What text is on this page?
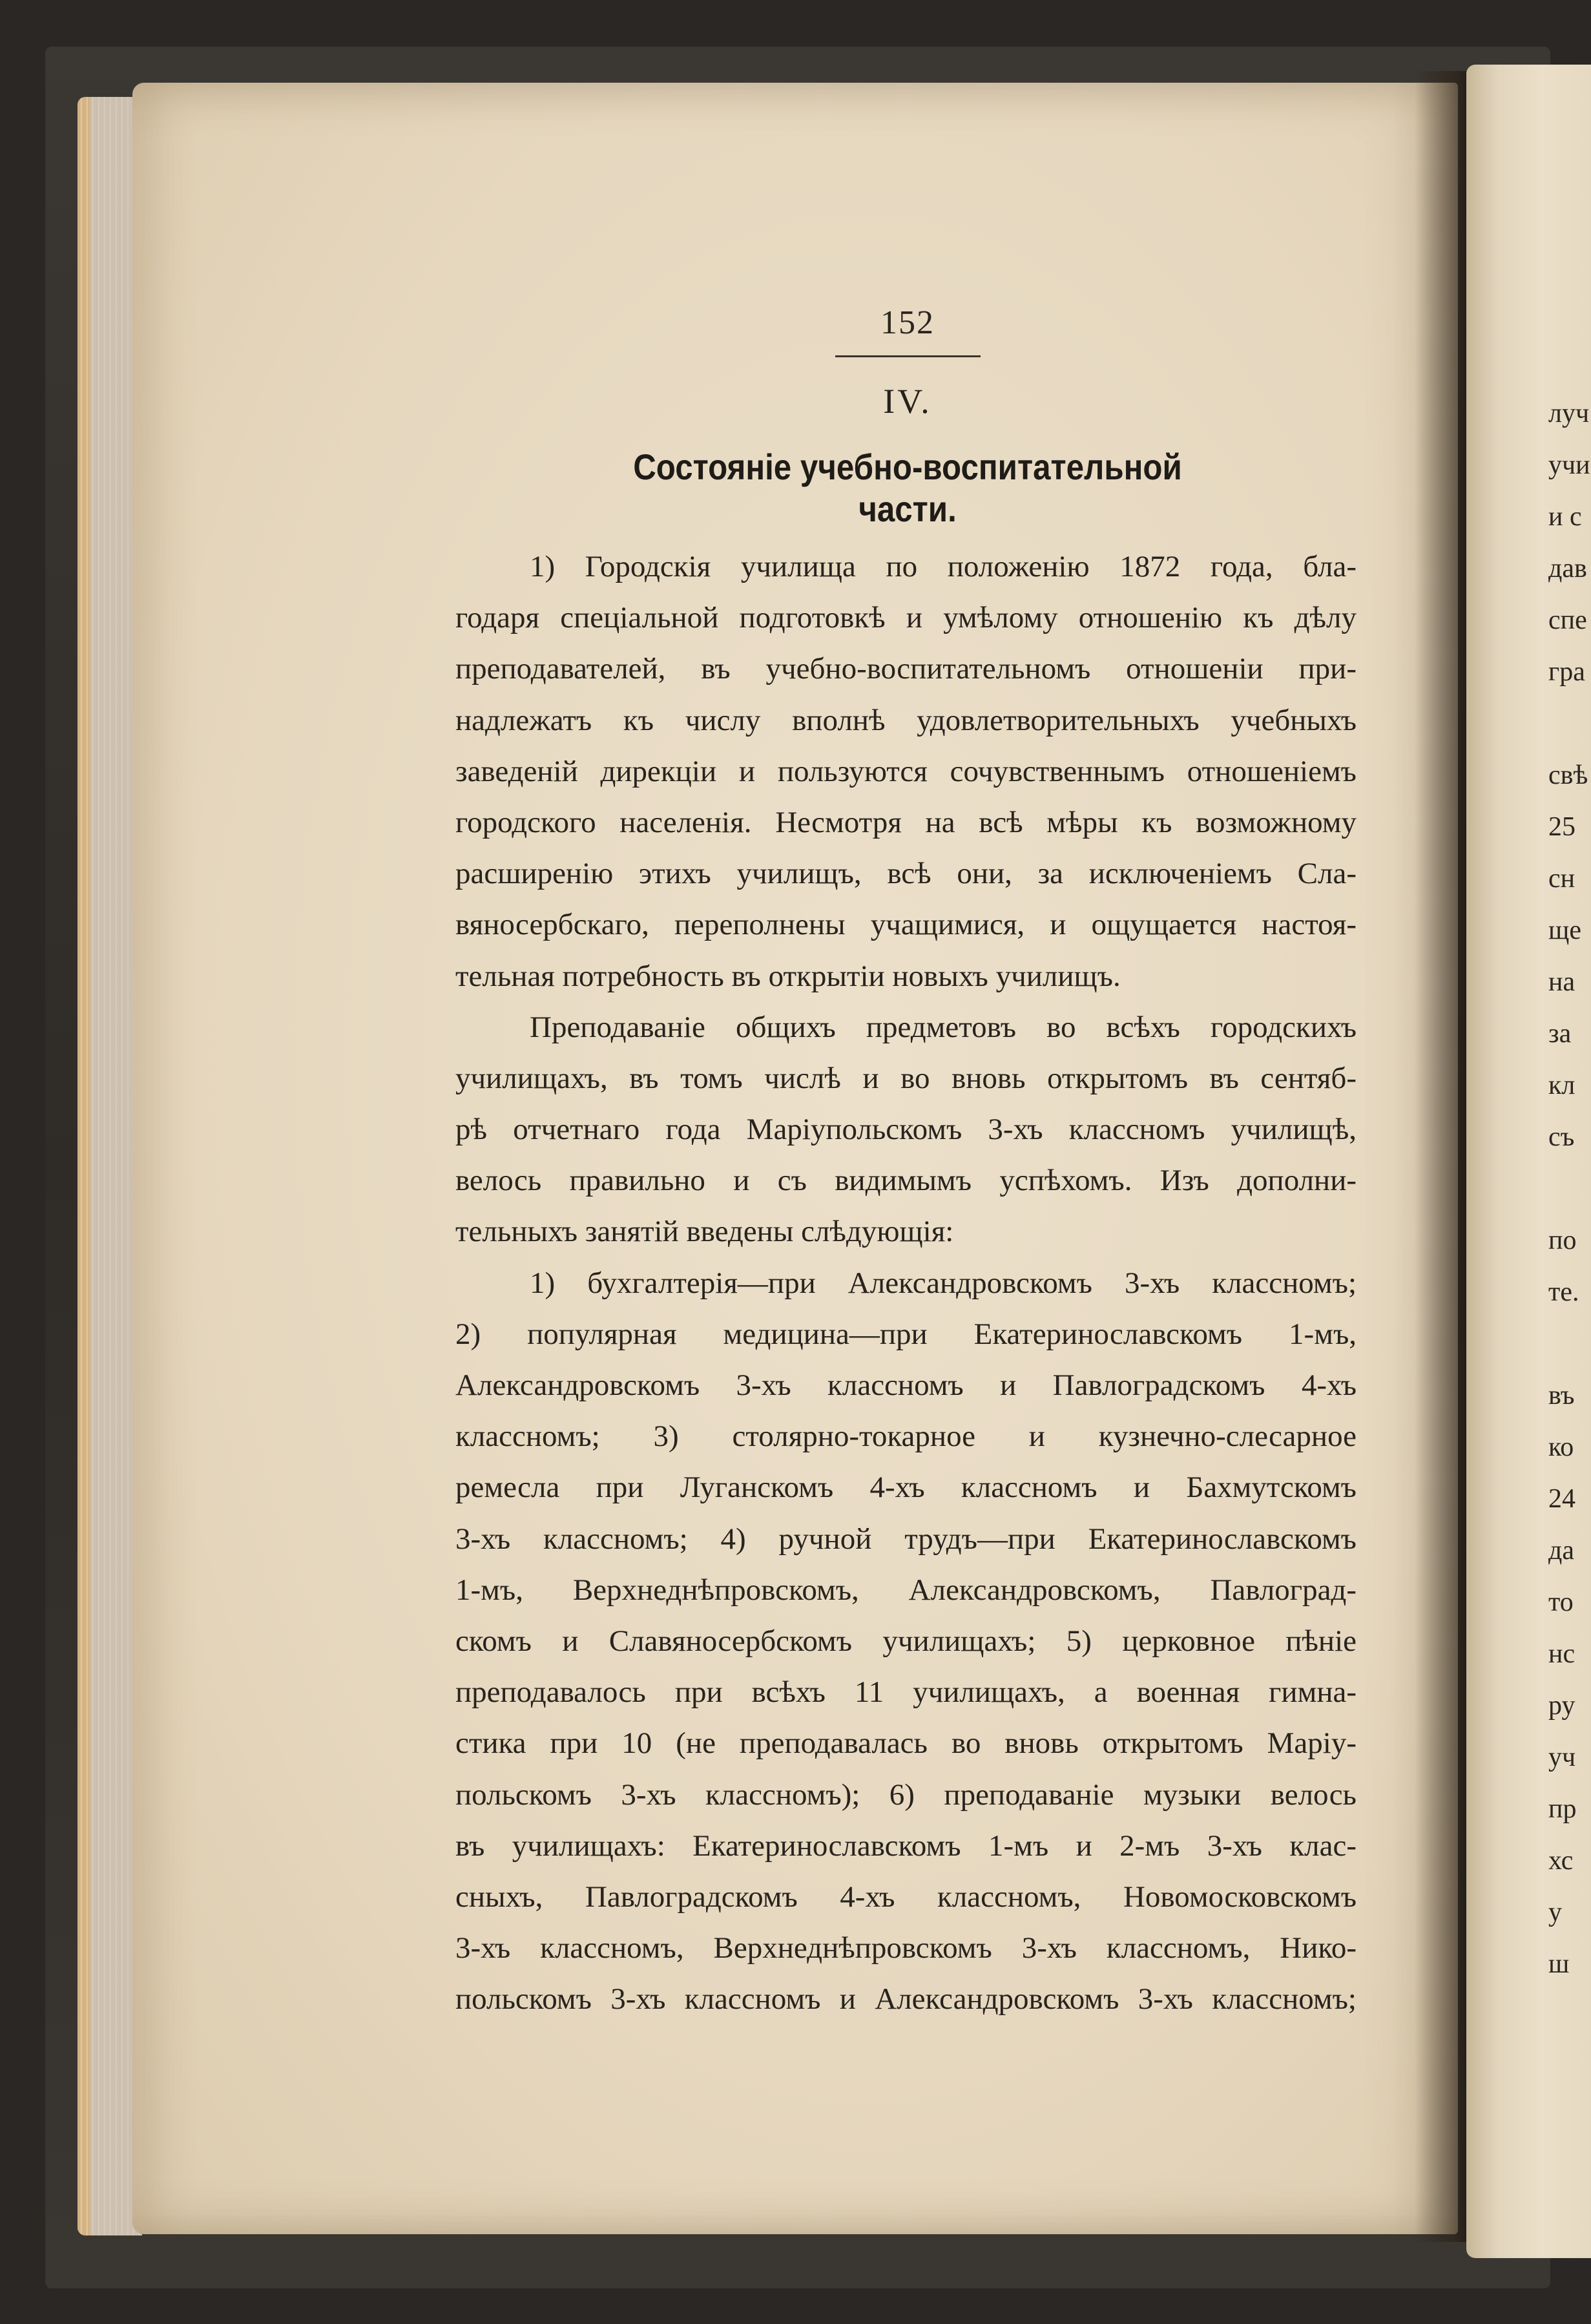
152
IV.
Состояніе учебно-воспитательной части.
1) Городскія училища по положенію 1872 года, бла-
годаря спеціальной подготовкѣ и умѣлому отношенію къ дѣлу
преподавателей, въ учебно-воспитательномъ отношеніи при-
надлежатъ къ числу вполнѣ удовлетворительныхъ учебныхъ
заведеній дирекціи и пользуются сочувственнымъ отношеніемъ
городского населенія. Несмотря на всѣ мѣры къ возможному
расширенію этихъ училищъ, всѣ они, за исключеніемъ Сла-
вяносербскаго, переполнены учащимися, и ощущается настоя-
тельная потребность въ открытіи новыхъ училищъ.
Преподаваніе общихъ предметовъ во всѣхъ городскихъ
училищахъ, въ томъ числѣ и во вновь открытомъ въ сентяб-
рѣ отчетнаго года Маріупольскомъ 3-хъ классномъ училищѣ,
велось правильно и съ видимымъ успѣхомъ. Изъ дополни-
тельныхъ занятій введены слѣдующія:
1) бухгалтерія—при Александровскомъ 3-хъ классномъ;
2) популярная медицина—при Екатеринославскомъ 1-мъ,
Александровскомъ 3-хъ классномъ и Павлоградскомъ 4-хъ
классномъ; 3) столярно-токарное и кузнечно-слесарное
ремесла при Луганскомъ 4-хъ классномъ и Бахмутскомъ
3-хъ классномъ; 4) ручной трудъ—при Екатеринославскомъ
1-мъ, Верхнеднѣпровскомъ, Александровскомъ, Павлоград-
скомъ и Славяносербскомъ училищахъ; 5) церковное пѣніе
преподавалось при всѣхъ 11 училищахъ, а военная гимна-
стика при 10 (не преподавалась во вновь открытомъ Маріу-
польскомъ 3-хъ классномъ); 6) преподаваніе музыки велось
въ училищахъ: Екатеринославскомъ 1-мъ и 2-мъ 3-хъ клас-
сныхъ, Павлоградскомъ 4-хъ классномъ, Новомосковскомъ
3-хъ классномъ, Верхнеднѣпровскомъ 3-хъ классномъ, Нико-
польскомъ 3-хъ классномъ и Александровскомъ 3-хъ классномъ;
луч
учи
и с
дав
спе
гра
свѣ
25
сн
ще
на
за
кл
съ
по
те.
въ
ко
24
да
то
нс
ру
уч
пр
хс
у
ш
